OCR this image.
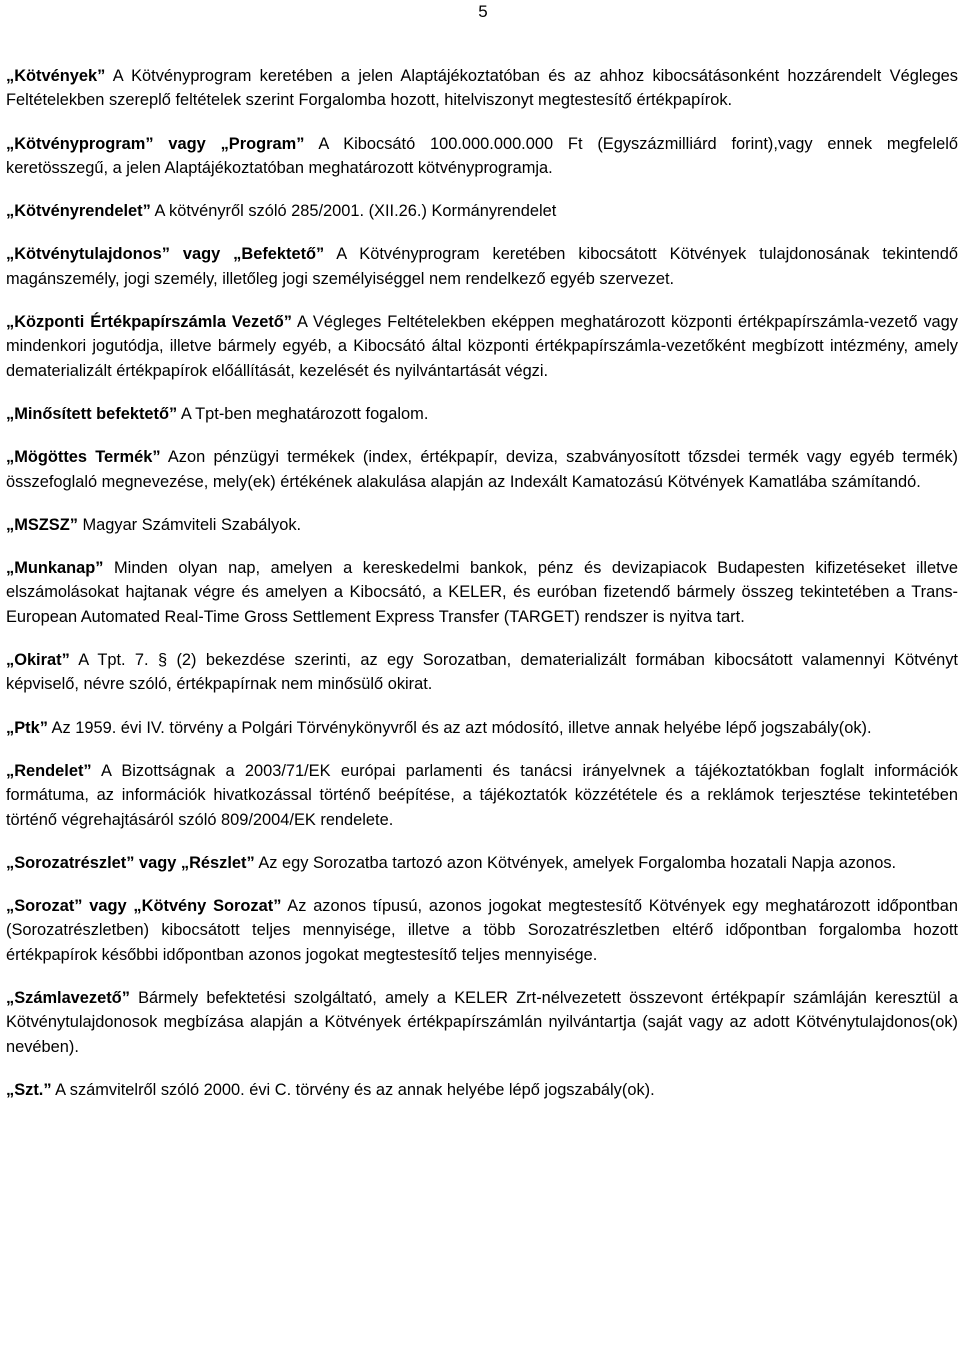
5

„Kötvények” A Kötvényprogram keretében a jelen Alaptájékoztatóban és az ahhoz kibocsátásonként hozzárendelt Végleges Feltételekben szereplő feltételek szerint Forgalomba hozott, hitelviszonyt megtestesítő értékpapírok.

„Kötvényprogram” vagy „Program” A Kibocsátó 100.000.000.000 Ft (Egyszázmilliárd forint),vagy ennek megfelelő keretösszegű, a jelen Alaptájékoztatóban meghatározott kötvényprogramja.

„Kötvényrendelet” A kötvényről szóló 285/2001. (XII.26.) Kormányrendelet

„Kötvénytulajdonos” vagy „Befektető” A Kötvényprogram keretében kibocsátott Kötvények tulajdonosának tekintendő magánszemély, jogi személy, illetőleg jogi személyiséggel nem rendelkező egyéb szervezet.

„Központi Értékpapírszámla Vezető” A Végleges Feltételekben eképpen meghatározott központi értékpapírszámla-vezető vagy mindenkori jogutódja, illetve bármely egyéb, a Kibocsátó által központi értékpapírszámla-vezetőként megbízott intézmény, amely dematerializált értékpapírok előállítását, kezelését és nyilvántartását végzi.

„Minősített befektető” A Tpt-ben meghatározott fogalom.

„Mögöttes Termék” Azon pénzügyi termékek (index, értékpapír, deviza, szabványosított tőzsdei termék vagy egyéb termék) összefoglaló megnevezése, mely(ek) értékének alakulása alapján az Indexált Kamatozású Kötvények Kamatlába számítandó.

„MSZSZ” Magyar Számviteli Szabályok.

„Munkanap” Minden olyan nap, amelyen a kereskedelmi bankok, pénz és devizapiacok Budapesten kifizetéseket illetve elszámolásokat hajtanak végre és amelyen a Kibocsátó, a KELER, és euróban fizetendő bármely összeg tekintetében a Trans-European Automated Real-Time Gross Settlement Express Transfer (TARGET) rendszer is nyitva tart.

„Okirat” A Tpt. 7. § (2) bekezdése szerinti, az egy Sorozatban, dematerializált formában kibocsátott valamennyi Kötvényt képviselő, névre szóló, értékpapírnak nem minősülő okirat.

„Ptk” Az 1959. évi IV. törvény a Polgári Törvénykönyvről és az azt módosító, illetve annak helyébe lépő jogszabály(ok).

„Rendelet” A Bizottságnak a 2003/71/EK európai parlamenti és tanácsi irányelvnek a tájékoztatókban foglalt információk formátuma, az információk hivatkozással történő beépítése, a tájékoztatók közzététele és a reklámok terjesztése tekintetében történő végrehajtásáról szóló 809/2004/EK rendelete.

„Sorozatrészlet” vagy „Részlet” Az egy Sorozatba tartozó azon Kötvények, amelyek Forgalomba hozatali Napja azonos.

„Sorozat” vagy „Kötvény Sorozat” Az azonos típusú, azonos jogokat megtestesítő Kötvények egy meghatározott időpontban (Sorozatrészletben) kibocsátott teljes mennyisége, illetve a több Sorozatrészletben eltérő időpontban forgalomba hozott értékpapírok későbbi időpontban azonos jogokat megtestesítő teljes mennyisége.

„Számlavezető” Bármely befektetési szolgáltató, amely a KELER Zrt-nélvezetett összevont értékpapír számláján keresztül a Kötvénytulajdonosok megbízása alapján a Kötvények értékpapírszámlán nyilvántartja (saját vagy az adott Kötvénytulajdonos(ok) nevében).

„Szt.” A számvitelről szóló 2000. évi C. törvény és az annak helyébe lépő jogszabály(ok).
